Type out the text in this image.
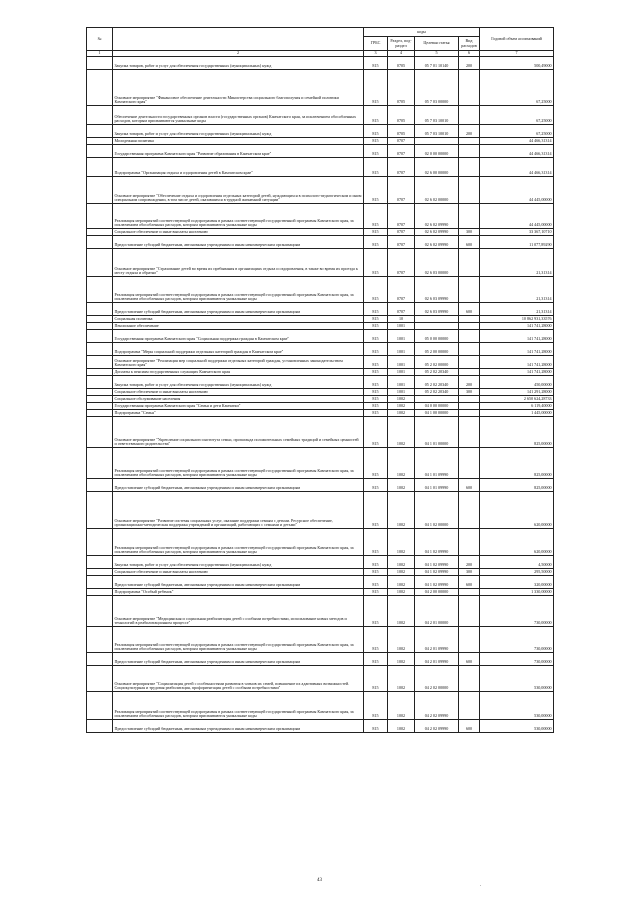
№		коды				Годовой объем ассигнований
		ГРБС	Раздел, под-раздел	Целевая статья	Вид расходов	
1	2	3	4	5	6	7
	Закупка товаров, работ и услуг для обеспечения государственных (муниципальных) нужд	815	0705	05 7 01 10140	200	500,49000
	Основное мероприятие "Финансовое обеспечение деятельности Министерства социального благополучия и семейной политики Камчатского края"	815	0705	05 7 03 00000		67,25000
	Обеспечение деятельности государственных органов власти (государственных органов) Камчатского края, за исключением обособленных расходов, которым присваиваются уникальные коды	815	0705	05 7 03 10010		67,25000
	Закупка товаров, работ и услуг для обеспечения государственных (муниципальных) нужд	815	0705	05 7 03 10010	200	67,25000
	Молодежная политика	815	0707			44 466,31314
	Государственная программа Камчатского края "Развитие образования в Камчатском крае"	815	0707	02 0 00 00000		44 466,31314
	Подпрограмма "Организация отдыха и оздоровления детей в Камчатском крае"	815	0707	02 6 00 00000		44 466,31314
	Основное мероприятие "Обеспечение отдыха и оздоровления отдельных категорий детей, нуждающихся в психолого-педагогическом и ином специальном сопровождении, в том числе детей, оказавшихся в трудной жизненной ситуации"	815	0707	02 6 02 00000		44 445,00000
	Реализация мероприятий соответствующей подпрограммы в рамках соответствующей государственной программы Камчатского края, за исключением обособленных расходов, которым присваиваются уникальные коды	815	0707	02 6 02 09990		44 445,00000
	Социальное обеспечение и иные выплаты населению	815	0707	02 6 02 09990	300	33 367,10710
	Предоставление субсидий бюджетным, автономным учреждениям и иным некоммерческим организациям	815	0707	02 6 02 09990	600	11 077,89290
	Основное мероприятие "Страхование детей во время их пребывания в организациях отдыха и оздоровления, в также во время их проезда к месту отдыха и обратно"	815	0707	02 6 03 00000		21,31314
	Реализация мероприятий соответствующей подпрограммы в рамках соответствующей государственной программы Камчатского края, за исключением обособленных расходов, которым присваиваются уникальные коды	815	0707	02 6 03 09990		21,31314
	Предоставление субсидий бюджетным, автономным учреждениям и иным некоммерческим организациям	815	0707	02 6 03 09990	600	21,31314
	Социальная политика	815	10			10 862 931,33576
	Пенсионное обеспечение	815	1001			141 741,28000
	Государственная программа Камчатского края "Социальная поддержка граждан в Камчатском крае"	815	1001	05 0 00 00000		141 741,28000
	Подпрограмма "Меры социальной поддержки отдельных категорий граждан в Камчатском крае"	815	1001	05 2 00 00000		141 741,28000
	Основное мероприятие "Реализация мер социальной поддержки отдельных категорий граждан, установленных законодательством Камчатского края"	815	1001	05 2 02 00000		141 741,28000
	Доплаты к пенсиям государственных служащих Камчатского края	815	1001	05 2 02 20340		141 741,28000
	Закупка товаров, работ и услуг для обеспечения государственных (муниципальных) нужд	815	1001	05 2 02 20340	200	450,00000
	Социальное обеспечение и иные выплаты населению	815	1001	05 2 02 20340	300	141 291,28000
	Социальное обслуживание населения	815	1002			2 650 624,28733
	Государственная программа Камчатского края "Семья и дети Камчатки"	815	1002	04 0 00 00000		6 119,40000
	Подпрограмма "Семья"	815	1002	04 1 00 00000		1 445,00000
	Основное мероприятие "Укрепление социального института семьи, пропаганда положительных семейных традиций и семейных ценностей и ответственного родительства"	815	1002	04 1 01 00000		825,00000
	Реализация мероприятий соответствующей подпрограммы в рамках соответствующей государственной программы Камчатского края, за исключением обособленных расходов, которым присваиваются уникальные коды	815	1002	04 1 01 09990		825,00000
	Предоставление субсидий бюджетным, автономным учреждениям и иным некоммерческим организациям	815	1002	04 1 01 09990	600	825,00000
	Основное мероприятие "Развитие системы социальных услуг, оказание поддержки семьям с детьми. Ресурсное обеспечение, организационно-методическая поддержка учреждений и организаций, работающих с семьями и детьми"	815	1002	04 1 02 00000		620,00000
	Реализация мероприятий соответствующей подпрограммы в рамках соответствующей государственной программы Камчатского края, за исключением обособленных расходов, которым присваиваются уникальные коды	815	1002	04 1 02 09990		620,00000
	Закупка товаров, работ и услуг для обеспечения государственных (муниципальных) нужд	815	1002	04 1 02 09990	200	4,50000
	Социальное обеспечение и иные выплаты населению	815	1002	04 1 02 09990	300	295,50000
	Предоставление субсидий бюджетным, автономным учреждениям и иным некоммерческим организациям	815	1002	04 1 02 09990	600	320,00000
	Подпрограмма "Особый ребенок"	815	1002	04 2 00 00000		1 330,00000
	Основное мероприятие "Медицинская и социальная реабилитация детей с особыми потребностями, использование новых методов и технологий в реабилитационном процессе"	815	1002	04 2 01 00000		730,00000
	Реализация мероприятий соответствующей подпрограммы в рамках соответствующей государственной программы Камчатского края, за исключением обособленных расходов, которым присваиваются уникальные коды	815	1002	04 2 01 09990		730,00000
	Предоставление субсидий бюджетным, автономным учреждениям и иным некоммерческим организациям	815	1002	04 2 01 09990	600	730,00000
	Основное мероприятие "Социализация детей с особенностями развития в членов их семей, повышение их адаптивных возможностей. Социокультурная и трудовая реабилитация, профориентация детей с особыми потребностями"	815	1002	04 2 02 00000		530,00000
	Реализация мероприятий соответствующей подпрограммы в рамках соответствующей государственной программы Камчатского края, за исключением обособленных расходов, которым присваиваются уникальные коды	815	1002	04 2 02 09990		530,00000
	Предоставление субсидий бюджетным, автономным учреждениям и иным некоммерческим организациям	815	1002	04 2 02 09990	600	530,00000
43
.
